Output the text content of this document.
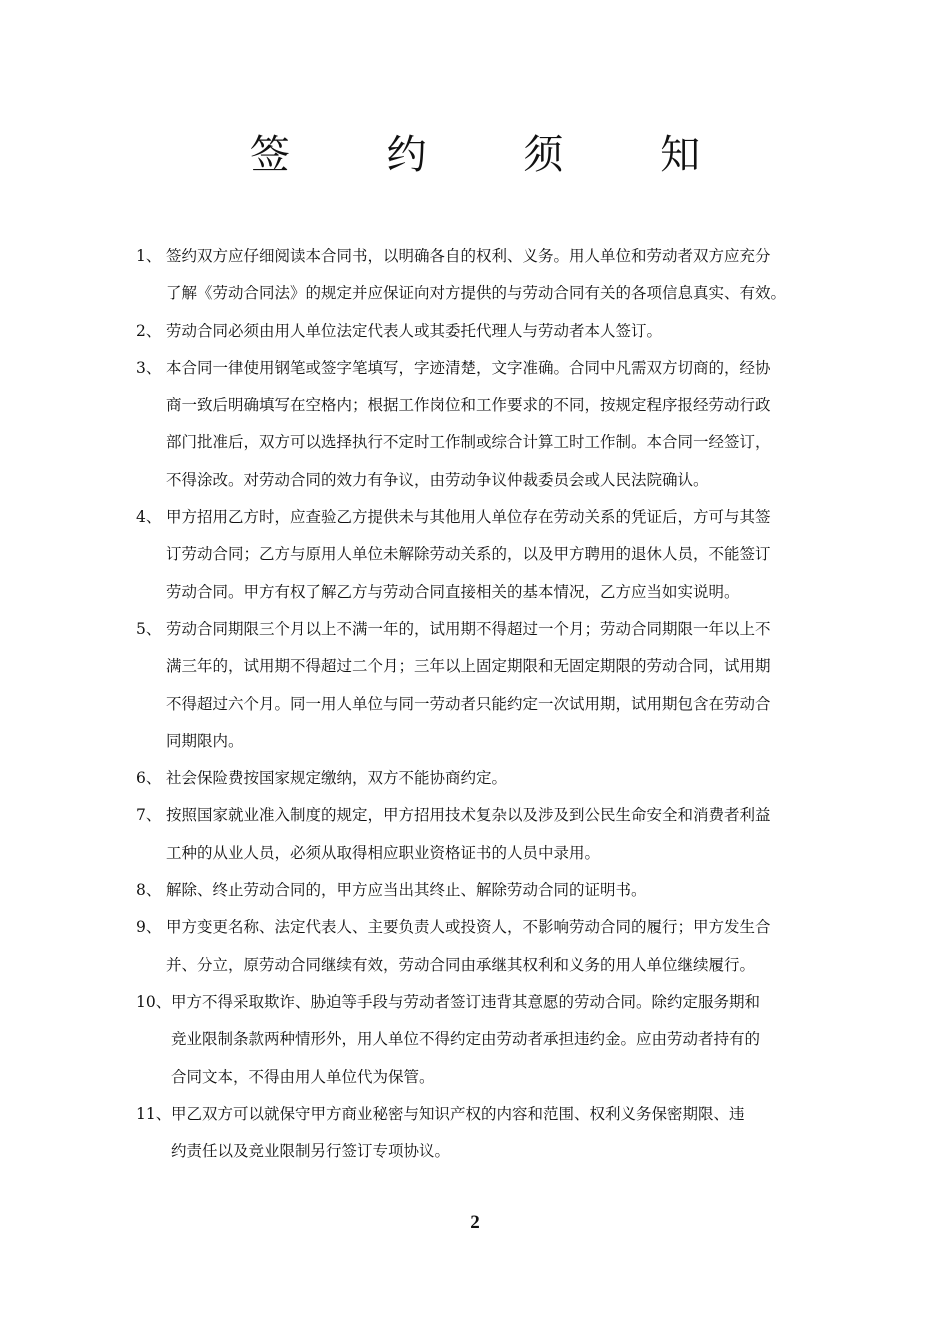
签 约 须 知
1、 签约双方应仔细阅读本合同书，以明确各自的权利、义务。用人单位和劳动者双方应充分
了解《劳动合同法》的规定并应保证向对方提供的与劳动合同有关的各项信息真实、有效。
2、 劳动合同必须由用人单位法定代表人或其委托代理人与劳动者本人签订。
3、 本合同一律使用钢笔或签字笔填写，字迹清楚，文字准确。合同中凡需双方切商的，经协
商一致后明确填写在空格内；根据工作岗位和工作要求的不同，按规定程序报经劳动行政
部门批准后，双方可以选择执行不定时工作制或综合计算工时工作制。本合同一经签订，
不得涂改。对劳动合同的效力有争议，由劳动争议仲裁委员会或人民法院确认。
4、 甲方招用乙方时，应查验乙方提供未与其他用人单位存在劳动关系的凭证后，方可与其签
订劳动合同；乙方与原用人单位未解除劳动关系的，以及甲方聘用的退休人员，不能签订
劳动合同。甲方有权了解乙方与劳动合同直接相关的基本情况，乙方应当如实说明。
5、 劳动合同期限三个月以上不满一年的，试用期不得超过一个月；劳动合同期限一年以上不
满三年的，试用期不得超过二个月；三年以上固定期限和无固定期限的劳动合同，试用期
不得超过六个月。同一用人单位与同一劳动者只能约定一次试用期，试用期包含在劳动合
同期限内。
6、 社会保险费按国家规定缴纳，双方不能协商约定。
7、 按照国家就业准入制度的规定，甲方招用技术复杂以及涉及到公民生命安全和消费者利益
工种的从业人员，必须从取得相应职业资格证书的人员中录用。
8、 解除、终止劳动合同的，甲方应当出其终止、解除劳动合同的证明书。
9、 甲方变更名称、法定代表人、主要负责人或投资人，不影响劳动合同的履行；甲方发生合
并、分立，原劳动合同继续有效，劳动合同由承继其权利和义务的用人单位继续履行。
10、 甲方不得采取欺诈、胁迫等手段与劳动者签订违背其意愿的劳动合同。除约定服务期和
竞业限制条款两种情形外，用人单位不得约定由劳动者承担违约金。应由劳动者持有的
合同文本，不得由用人单位代为保管。
11、 甲乙双方可以就保守甲方商业秘密与知识产权的内容和范围、权利义务保密期限、违
约责任以及竞业限制另行签订专项协议。
2
